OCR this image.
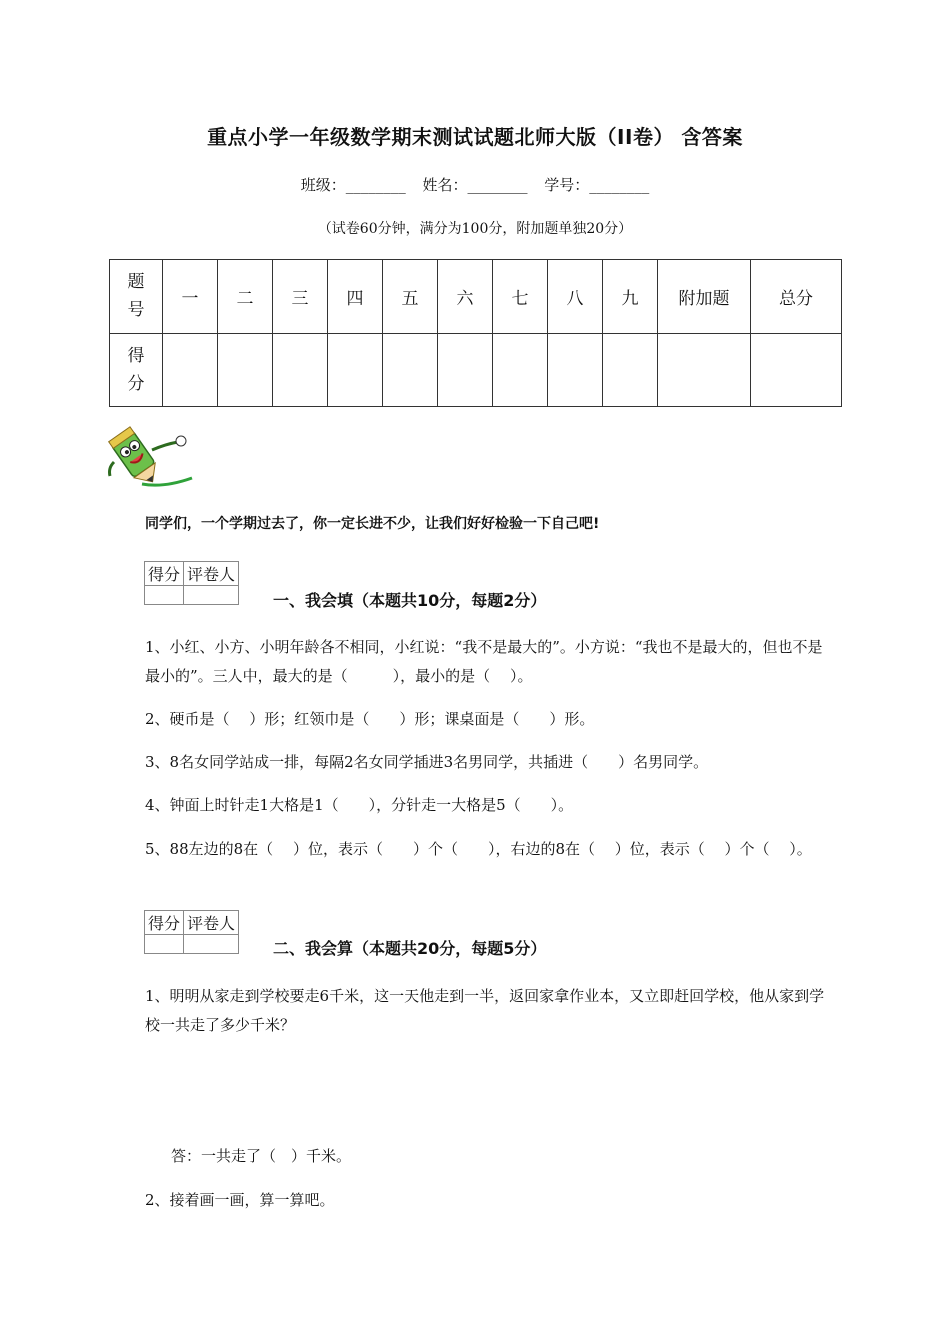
重点小学一年级数学期末测试试题北师大版（II卷） 含答案
班级：________ 姓名：________ 学号：________
（试卷60分钟，满分为100分，附加题单独20分）
题号	一	二	三	四	五	六	七	八	九	附加题	总分
得分											
同学们，一个学期过去了，你一定长进不少，让我们好好检验一下自己吧!
得分	评卷人

一、我会填（本题共10分，每题2分）
1、小红、小方、小明年龄各不相同，小红说：“我不是最大的”。小方说：“我也不是最大的，但也不是最小的”。三人中，最大的是（　　　），最小的是（　 ）。
2、硬币是（　 ）形；红领巾是（　　）形；课桌面是（　　）形。
3、8名女同学站成一排，每隔2名女同学插进3名男同学，共插进（　　）名男同学。
4、钟面上时针走1大格是1（　　），分针走一大格是5（　　）。
5、88左边的8在（　 ）位，表示（　　）个（　　），右边的8在（　 ）位，表示（　 ）个（　 ）。
得分	评卷人

二、我会算（本题共20分，每题5分）
1、明明从家走到学校要走6千米，这一天他走到一半，返回家拿作业本，又立即赶回学校，他从家到学校一共走了多少千米？
答：一共走了（　）千米。
2、接着画一画，算一算吧。
